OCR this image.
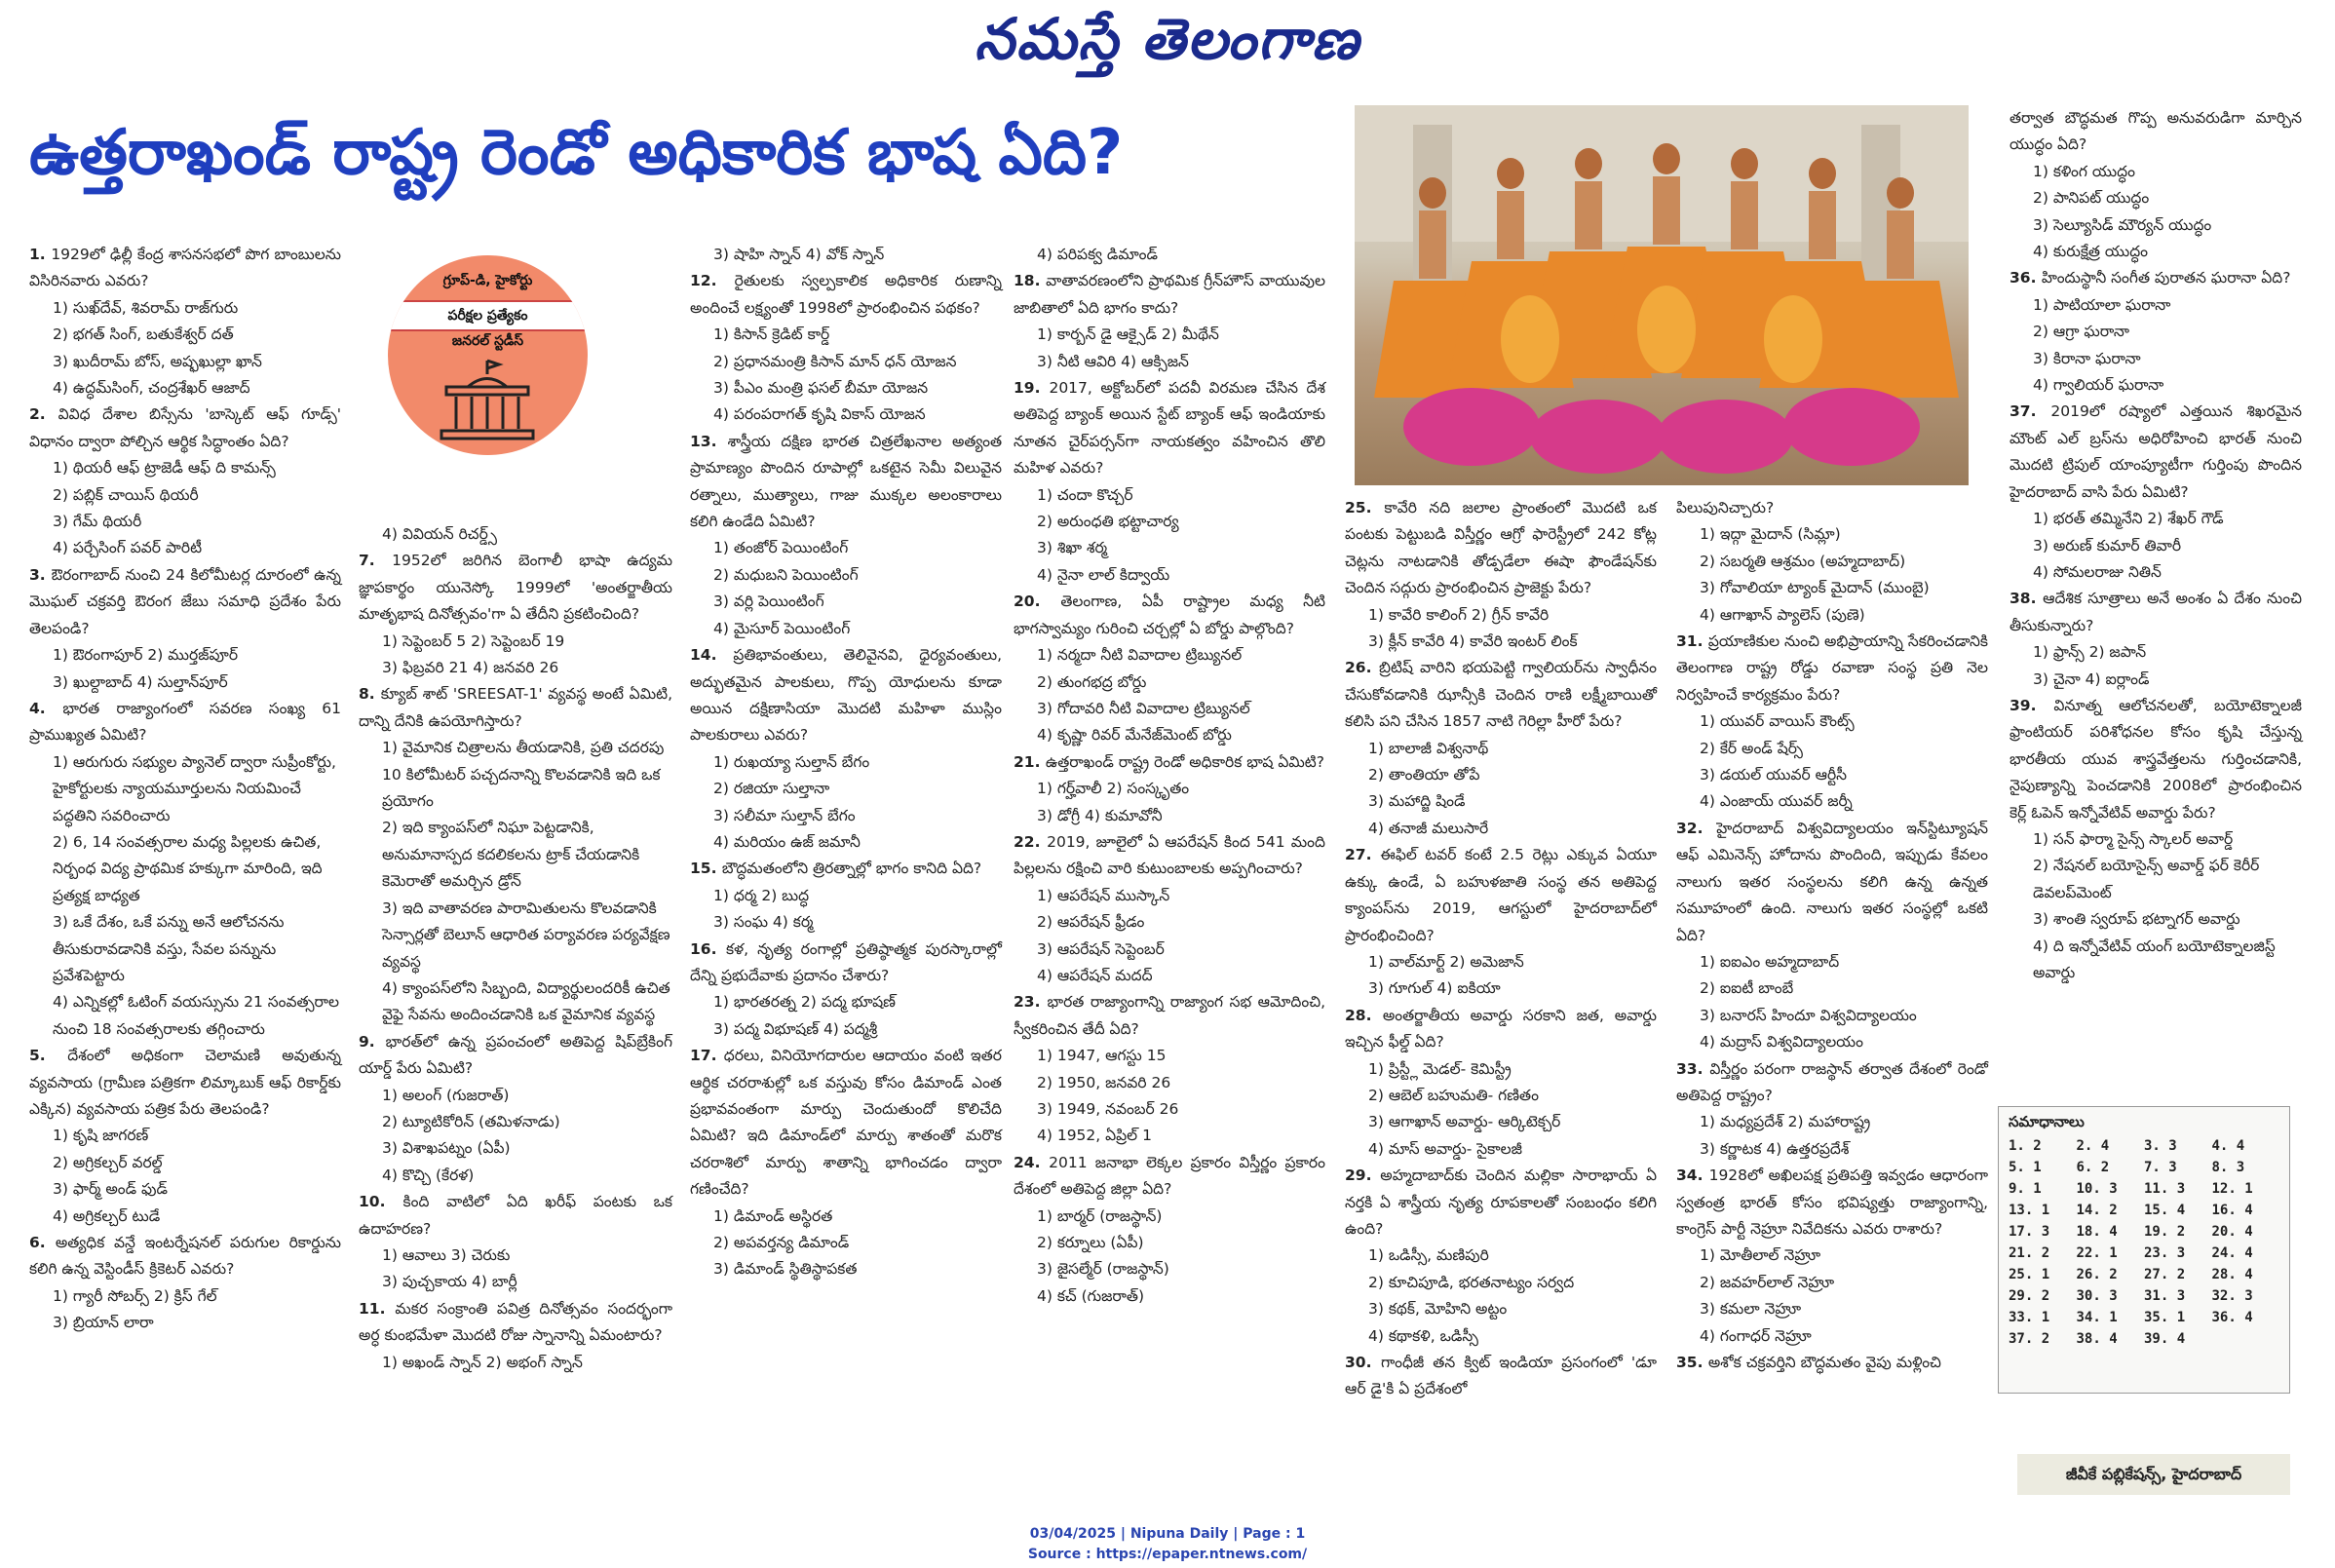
నమస్తే తెలంగాణ
ఉత్తరాఖండ్ రాష్ట్ర రెండో అధికారిక భాష ఏది?
గ్రూప్-డి, హైకోర్టు
పరీక్షల ప్రత్యేకం
జనరల్ స్టడీస్

1. 1929లో ఢిల్లీ కేంద్ర శాసనసభలో పొగ బాంబులను విసిరినవారు ఎవరు?

1) సుఖ్‌దేవ్, శివరామ్ రాజ్‌గురు

2) భగత్ సింగ్, బతుకేశ్వర్ దత్

3) ఖుదీరామ్ బోస్, అష్ఫఖుల్లా ఖాన్

4) ఉద్ధమ్‌సింగ్, చంద్రశేఖర్ ఆజాద్

2. వివిధ దేశాల బిస్సేను 'బాస్కెట్ ఆఫ్ గూడ్స్' విధానం ద్వారా పోల్చిన ఆర్థిక సిద్ధాంతం ఏది?

1) థియరీ ఆఫ్ ట్రాజెడీ ఆఫ్ ది కామన్స్

2) పబ్లిక్ చాయిస్ థియరీ

3) గేమ్ థియరీ

4) పర్చేసింగ్ పవర్ పారిటీ

3. ఔరంగాబాద్ నుంచి 24 కిలోమీటర్ల దూరంలో ఉన్న మొఘల్ చక్రవర్తి ఔరంగ జేబు సమాధి ప్రదేశం పేరు తెలపండి?

1) ఔరంగాపూర్ 2) ముర్తజ్‌పూర్

3) ఖుల్దాబాద్ 4) సుల్తాన్‌పూర్

4. భారత రాజ్యాంగంలో సవరణ సంఖ్య 61 ప్రాముఖ్యత ఏమిటి?

1) ఆరుగురు సభ్యుల ప్యానెల్ ద్వారా సుప్రీంకోర్టు, హైకోర్టులకు న్యాయమూర్తులను నియమించే పద్ధతిని సవరించారు

2) 6, 14 సంవత్సరాల మధ్య పిల్లలకు ఉచిత, నిర్బంధ విద్య ప్రాథమిక హక్కుగా మారింది, ఇది ప్రత్యక్ష బాధ్యత

3) ఒకే దేశం, ఒకే పన్ను అనే ఆలోచనను తీసుకురావడానికి వస్తు, సేవల పన్నును ప్రవేశపెట్టారు

4) ఎన్నికల్లో ఓటింగ్ వయస్సును 21 సంవత్సరాల నుంచి 18 సంవత్సరాలకు తగ్గించారు

5. దేశంలో అధికంగా చెలామణి అవుతున్న వ్యవసాయ (గ్రామీణ పత్రికగా లిమ్కాబుక్ ఆఫ్ రికార్డ్‌కు ఎక్కిన) వ్యవసాయ పత్రిక పేరు తెలపండి?

1) కృషి జాగరణ్

2) అగ్రికల్చర్ వరల్డ్

3) ఫార్మ్ అండ్ ఫుడ్

4) అగ్రికల్చర్ టుడే

6. అత్యధిక వన్డే ఇంటర్నేషనల్ పరుగుల రికార్డును కలిగి ఉన్న వెస్టిండీస్ క్రికెటర్ ఎవరు?

1) గ్యారీ సోబర్స్ 2) క్రిస్ గేల్

3) బ్రియాన్ లారా

4) వివియన్ రిచర్డ్స్

7. 1952లో జరిగిన బెంగాలీ భాషా ఉద్యమ జ్ఞాపకార్థం యునెస్కో 1999లో 'అంతర్జాతీయ మాతృభాష దినోత్సవం'గా ఏ తేదీని ప్రకటించింది?

1) సెప్టెంబర్ 5 2) సెప్టెంబర్ 19

3) ఫిబ్రవరి 21 4) జనవరి 26

8. క్యూబ్ శాట్ 'SREESAT-1' వ్యవస్థ అంటే ఏమిటి, దాన్ని దేనికి ఉపయోగిస్తారు?

1) వైమానిక చిత్రాలను తీయడానికి, ప్రతి చదరపు 10 కిలోమీటర్ పచ్చదనాన్ని కొలవడానికి ఇది ఒక ప్రయోగం

2) ఇది క్యాంపస్‌లో నిఘా పెట్టడానికి, అనుమానాస్పద కదలికలను ట్రాక్ చేయడానికి కెమెరాతో అమర్చిన డ్రోన్

3) ఇది వాతావరణ పారామితులను కొలవడానికి సెన్సార్లతో బెలూన్ ఆధారిత పర్యావరణ పర్యవేక్షణ వ్యవస్థ

4) క్యాంపస్‌లోని సిబ్బంది, విద్యార్థులందరికీ ఉచిత వైఫై సేవను అందించడానికి ఒక వైమానిక వ్యవస్థ

9. భారత్‌లో ఉన్న ప్రపంచంలో అతిపెద్ద షిప్‌బ్రేకింగ్ యార్డ్ పేరు ఏమిటి?

1) అలంగ్ (గుజరాత్)

2) ట్యూటికోరిన్ (తమిళనాడు)

3) విశాఖపట్నం (ఏపీ)

4) కొచ్చి (కేరళ)

10. కింది వాటిలో ఏది ఖరీఫ్ పంటకు ఒక ఉదాహరణ?

1) ఆవాలు 3) చెరుకు

3) పుచ్చకాయ 4) బార్లీ

11. మకర సంక్రాంతి పవిత్ర దినోత్సవం సందర్భంగా అర్ధ కుంభమేళా మొదటి రోజు స్నానాన్ని ఏమంటారు?

1) అఖండ్ స్నాన్ 2) అభంగ్ స్నాన్

3) షాహి స్నాన్ 4) వోక్ స్నాన్

12. రైతులకు స్వల్పకాలిక అధికారిక రుణాన్ని అందించే లక్ష్యంతో 1998లో ప్రారంభించిన పథకం?

1) కిసాన్ క్రెడిట్ కార్డ్

2) ప్రధానమంత్రి కిసాన్ మాన్ ధన్ యోజన

3) పీఎం మంత్రి ఫసల్ బీమా యోజన

4) పరంపరాగత్ కృషి వికాస్ యోజన

13. శాస్త్రీయ దక్షిణ భారత చిత్రలేఖనాల అత్యంత ప్రామాణ్యం పొందిన రూపాల్లో ఒకటైన సెమీ విలువైన రత్నాలు, ముత్యాలు, గాజు ముక్కల అలంకారాలు కలిగి ఉండేది ఏమిటి?

1) తంజోర్ పెయింటింగ్

2) మధుబని పెయింటింగ్

3) వర్లి పెయింటింగ్

4) మైసూర్ పెయింటింగ్

14. ప్రతిభావంతులు, తెలివైనవి, ధైర్యవంతులు, అద్భుతమైన పాలకులు, గొప్ప యోధులను కూడా అయిన దక్షిణాసియా మొదటి మహిళా ముస్లిం పాలకురాలు ఎవరు?

1) రుఖయ్యా సుల్తాన్ బేగం

2) రజియా సుల్తానా

3) సలీమా సుల్తాన్ బేగం

4) మరియం ఉజ్ జమానీ

15. బౌద్ధమతంలోని త్రిరత్నాల్లో భాగం కానిది ఏది?

1) ధర్మ 2) బుద్ధ

3) సంఘ 4) కర్మ

16. కళ, నృత్య రంగాల్లో ప్రతిష్ఠాత్మక పురస్కారాల్లో దేన్ని ప్రభుదేవాకు ప్రదానం చేశారు?

1) భారతరత్న 2) పద్మ భూషణ్

3) పద్మ విభూషణ్ 4) పద్మశ్రీ

17. ధరలు, వినియోగదారుల ఆదాయం వంటి ఇతర ఆర్థిక చరరాశుల్లో ఒక వస్తువు కోసం డిమాండ్ ఎంత ప్రభావవంతంగా మార్పు చెందుతుందో కొలిచేది ఏమిటి? ఇది డిమాండ్‌లో మార్పు శాతంతో మరొక చరరాశిలో మార్పు శాతాన్ని భాగించడం ద్వారా గణించేది?

1) డిమాండ్ అస్థిరత

2) అపవర్తన్య డిమాండ్

3) డిమాండ్ స్థితిస్థాపకత

4) పరిపక్వ డిమాండ్

18. వాతావరణంలోని ప్రాథమిక గ్రీన్‌హౌస్ వాయువుల జాబితాలో ఏది భాగం కాదు?

1) కార్బన్ డై ఆక్సైడ్ 2) మీథేన్

3) నీటి ఆవిరి 4) ఆక్సిజన్

19. 2017, అక్టోబర్‌లో పదవీ విరమణ చేసిన దేశ అతిపెద్ద బ్యాంక్ అయిన స్టేట్ బ్యాంక్ ఆఫ్ ఇండియాకు నూతన చైర్‌పర్సన్‌గా నాయకత్వం వహించిన తొలి మహిళ ఎవరు?

1) చందా కొచ్చర్

2) అరుంధతి భట్టాచార్య

3) శిఖా శర్మ

4) నైనా లాల్ కిద్వాయ్

20. తెలంగాణ, ఏపీ రాష్ట్రాల మధ్య నీటి భాగస్వామ్యం గురించి చర్చల్లో ఏ బోర్డు పాల్గొంది?

1) నర్మదా నీటి వివాదాల ట్రిబ్యునల్

2) తుంగభద్ర బోర్డు

3) గోదావరి నీటి వివాదాల ట్రిబ్యునల్

4) కృష్ణా రివర్ మేనేజ్‌మెంట్ బోర్డు

21. ఉత్తరాఖండ్ రాష్ట్ర రెండో అధికారిక భాష ఏమిటి?

1) గర్హ్‌వాలీ 2) సంస్కృతం

3) డోగ్రీ 4) కుమావోనీ

22. 2019, జూలైలో ఏ ఆపరేషన్ కింద 541 మంది పిల్లలను రక్షించి వారి కుటుంబాలకు అప్పగించారు?

1) ఆపరేషన్ ముస్కాన్

2) ఆపరేషన్ ఫ్రీడం

3) ఆపరేషన్ సెప్టెంబర్

4) ఆపరేషన్ మదద్

23. భారత రాజ్యాంగాన్ని రాజ్యాంగ సభ ఆమోదించి, స్వీకరించిన తేదీ ఏది?

1) 1947, ఆగస్టు 15

2) 1950, జనవరి 26

3) 1949, నవంబర్ 26

4) 1952, ఏప్రిల్ 1

24. 2011 జనాభా లెక్కల ప్రకారం విస్తీర్ణం ప్రకారం దేశంలో అతిపెద్ద జిల్లా ఏది?

1) బార్మర్ (రాజస్థాన్)

2) కర్నూలు (ఏపీ)

3) జైసల్మేర్ (రాజస్థాన్)

4) కచ్ (గుజరాత్)

25. కావేరి నది జలాల ప్రాంతంలో మొదటి ఒక పంటకు పెట్టుబడి విస్తీర్ణం ఆగ్రో ఫారెస్ట్రీలో 242 కోట్ల చెట్లను నాటడానికి తోడ్పడేలా ఈషా ఫౌండేషన్‌కు చెందిన సద్గురు ప్రారంభించిన ప్రాజెక్టు పేరు?

1) కావేరి కాలింగ్ 2) గ్రీన్ కావేరి

3) క్లీన్ కావేరి 4) కావేరి ఇంటర్ లింక్

26. బ్రిటిష్ వారిని భయపెట్టి గ్వాలియర్‌ను స్వాధీనం చేసుకోవడానికి ఝాన్సీకి చెందిన రాణి లక్ష్మీబాయితో కలిసి పని చేసిన 1857 నాటి గెరిల్లా హీరో పేరు?

1) బాలాజీ విశ్వనాథ్

2) తాంతియా తోపే

3) మహాద్జి షిండే

4) తనాజీ మలుసారే

27. ఈఫిల్ టవర్ కంటే 2.5 రెట్లు ఎక్కువ ఏయూ ఉక్కు ఉండే, ఏ బహుళజాతి సంస్థ తన అతిపెద్ద క్యాంపస్‌ను 2019, ఆగస్టులో హైదరాబాద్‌లో ప్రారంభించింది?

1) వాల్‌మార్ట్ 2) అమెజాన్

3) గూగుల్ 4) ఐకియా

28. అంతర్జాతీయ అవార్డు సరకాని జత, అవార్డు ఇచ్చిన ఫీల్డ్ ఏది?

1) ప్రిస్ట్లీ మెడల్- కెమిస్ట్రీ

2) ఆబెల్ బహుమతి- గణితం

3) ఆగాఖాన్ అవార్డు- ఆర్కిటెక్చర్

4) మాస్ అవార్డు- సైకాలజీ

29. అహ్మదాబాద్‌కు చెందిన మల్లికా సారాభాయ్ ఏ నర్తకి ఏ శాస్త్రీయ నృత్య రూపకాలతో సంబంధం కలిగి ఉంది?

1) ఒడిస్సీ, మణిపురి

2) కూచిపూడి, భరతనాట్యం సర్వద

3) కథక్, మోహిని అట్టం

4) కథాకళి, ఒడిస్సీ

30. గాంధీజీ తన క్విట్ ఇండియా ప్రసంగంలో 'డూ ఆర్ డై'కి ఏ ప్రదేశంలో

పిలుపునిచ్చారు?

1) ఇద్గా మైదాన్ (సిమ్లా)

2) సబర్మతి ఆశ్రమం (అహ్మదాబాద్)

3) గోవాలియా ట్యాంక్ మైదాన్ (ముంబై)

4) ఆగాఖాన్ ప్యాలెస్ (పుణె)

31. ప్రయాణికుల నుంచి అభిప్రాయాన్ని సేకరించడానికి తెలంగాణ రాష్ట్ర రోడ్డు రవాణా సంస్థ ప్రతి నెల నిర్వహించే కార్యక్రమం పేరు?

1) యువర్ వాయిస్ కౌంట్స్

2) కేర్ అండ్ షేర్స్

3) డయల్ యువర్ ఆర్టీసీ

4) ఎంజాయ్ యువర్ జర్నీ

32. హైదరాబాద్ విశ్వవిద్యాలయం ఇన్‌స్టిట్యూషన్ ఆఫ్ ఎమినెన్స్ హోదాను పొందింది, ఇప్పుడు కేవలం నాలుగు ఇతర సంస్థలను కలిగి ఉన్న ఉన్నత సమూహంలో ఉంది. నాలుగు ఇతర సంస్థల్లో ఒకటి ఏది?

1) ఐఐఎం అహ్మదాబాద్

2) ఐఐటీ బాంబే

3) బనారస్ హిందూ విశ్వవిద్యాలయం

4) మద్రాస్ విశ్వవిద్యాలయం

33. విస్తీర్ణం పరంగా రాజస్థాన్ తర్వాత దేశంలో రెండో అతిపెద్ద రాష్ట్రం?

1) మధ్యప్రదేశ్ 2) మహారాష్ట్ర

3) కర్ణాటక 4) ఉత్తరప్రదేశ్

34. 1928లో అఖిలపక్ష ప్రతిపత్తి ఇవ్వడం ఆధారంగా స్వతంత్ర భారత్ కోసం భవిష్యత్తు రాజ్యాంగాన్ని, కాంగ్రెస్ పార్టీ నెహ్రూ నివేదికను ఎవరు రాశారు?

1) మోతీలాల్ నెహ్రూ

2) జవహర్‌లాల్ నెహ్రూ

3) కమలా నెహ్రూ

4) గంగాధర్ నెహ్రూ

35. అశోక చక్రవర్తిని బౌద్ధమతం వైపు మళ్లించి

తర్వాత బౌద్ధమత గొప్ప అనువరుడిగా మార్చిన యుద్ధం ఏది?

1) కళింగ యుద్ధం

2) పానిపట్ యుద్ధం

3) సెల్యూసిడ్ మౌర్యన్ యుద్ధం

4) కురుక్షేత్ర యుద్ధం

36. హిందుస్థానీ సంగీత పురాతన ఘరానా ఏది?

1) పాటియాలా ఘరానా

2) ఆగ్రా ఘరానా

3) కిరానా ఘరానా

4) గ్వాలియర్ ఘరానా

37. 2019లో రష్యాలో ఎత్తయిన శిఖరమైన మౌంట్ ఎల్ బ్రస్‌ను అధిరోహించి భారత్ నుంచి మొదటి ట్రిపుల్ యాంప్యూటీగా గుర్తింపు పొందిన హైదరాబాద్ వాసి పేరు ఏమిటి?

1) భరత్ తమ్మినేని 2) శేఖర్ గౌడ్

3) అరుణ్ కుమార్ తివారీ

4) సోమలరాజు నితిన్

38. ఆదేశిక సూత్రాలు అనే అంశం ఏ దేశం నుంచి తీసుకున్నారు?

1) ఫ్రాన్స్ 2) జపాన్

3) చైనా 4) ఐర్లాండ్

39. వినూత్న ఆలోచనలతో, బయోటెక్నాలజీ ఫ్రాంటియర్ పరిశోధనల కోసం కృషి చేస్తున్న భారతీయ యువ శాస్త్రవేత్తలను గుర్తించడానికి, నైపుణ్యాన్ని పెంచడానికి 2008లో ప్రారంభించిన కెర్ల్ ఓపెన్ ఇన్నోవేటివ్ అవార్డు పేరు?

1) సన్ ఫార్మా సైన్స్ స్కాలర్ అవార్డ్

2) నేషనల్ బయోసైన్స్ అవార్డ్ ఫర్ కెరీర్ డెవలప్‌మెంట్

3) శాంతి స్వరూప్ భట్నాగర్ అవార్డు

4) ది ఇన్నోవేటివ్ యంగ్ బయోటెక్నాలజిస్ట్ అవార్డు

సమాధానాలు
1. 2	2. 4	3. 3	4. 4
5. 1	6. 2	7. 3	8. 3
9. 1	10. 3	11. 3	12. 1
13. 1	14. 2	15. 4	16. 4
17. 3	18. 4	19. 2	20. 4
21. 2	22. 1	23. 3	24. 4
25. 1	26. 2	27. 2	28. 4
29. 2	30. 3	31. 3	32. 3
33. 1	34. 1	35. 1	36. 4
37. 2	38. 4	39. 4
జీవీకే పబ్లికేషన్స్, హైదరాబాద్
03/04/2025 | Nipuna Daily | Page : 1
Source : https://epaper.ntnews.com/
